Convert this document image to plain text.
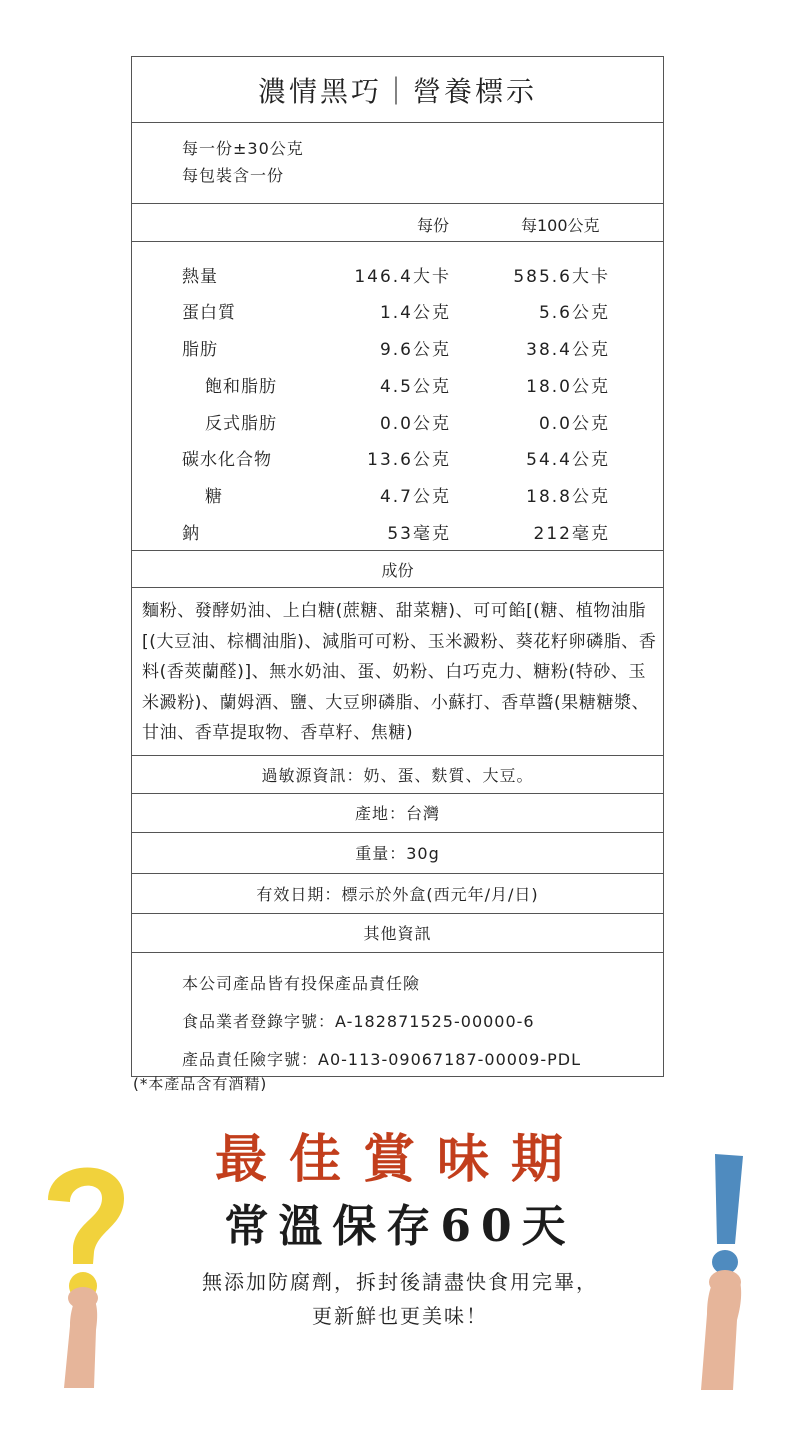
濃情黑巧｜營養標示
每一份±30公克
每包裝含一份
每份	每100公克
熱量	146.4大卡	585.6大卡
蛋白質	1.4公克	5.6公克
脂肪	9.6公克	38.4公克
飽和脂肪	4.5公克	18.0公克
反式脂肪	0.0公克	0.0公克
碳水化合物	13.6公克	54.4公克
糖	4.7公克	18.8公克
鈉	53毫克	212毫克
成份
麵粉、發酵奶油、上白糖(蔗糖、甜菜糖)、可可餡[(糖、植物油脂[(大豆油、棕櫚油脂)、減脂可可粉、玉米澱粉、葵花籽卵磷脂、香料(香莢蘭醛)]、無水奶油、蛋、奶粉、白巧克力、糖粉(特砂、玉米澱粉)、蘭姆酒、鹽、大豆卵磷脂、小蘇打、香草醬(果糖糖漿、甘油、香草提取物、香草籽、焦糖)
過敏源資訊：奶、蛋、麩質、大豆。
產地：台灣
重量：30g
有效日期：標示於外盒(西元年/月/日)
其他資訊
本公司產品皆有投保產品責任險
食品業者登錄字號：A-182871525-00000-6
產品責任險字號：A0-113-09067187-00009-PDL
(*本產品含有酒精)
最佳賞味期
常溫保存60天
無添加防腐劑，拆封後請盡快食用完畢，
更新鮮也更美味！
